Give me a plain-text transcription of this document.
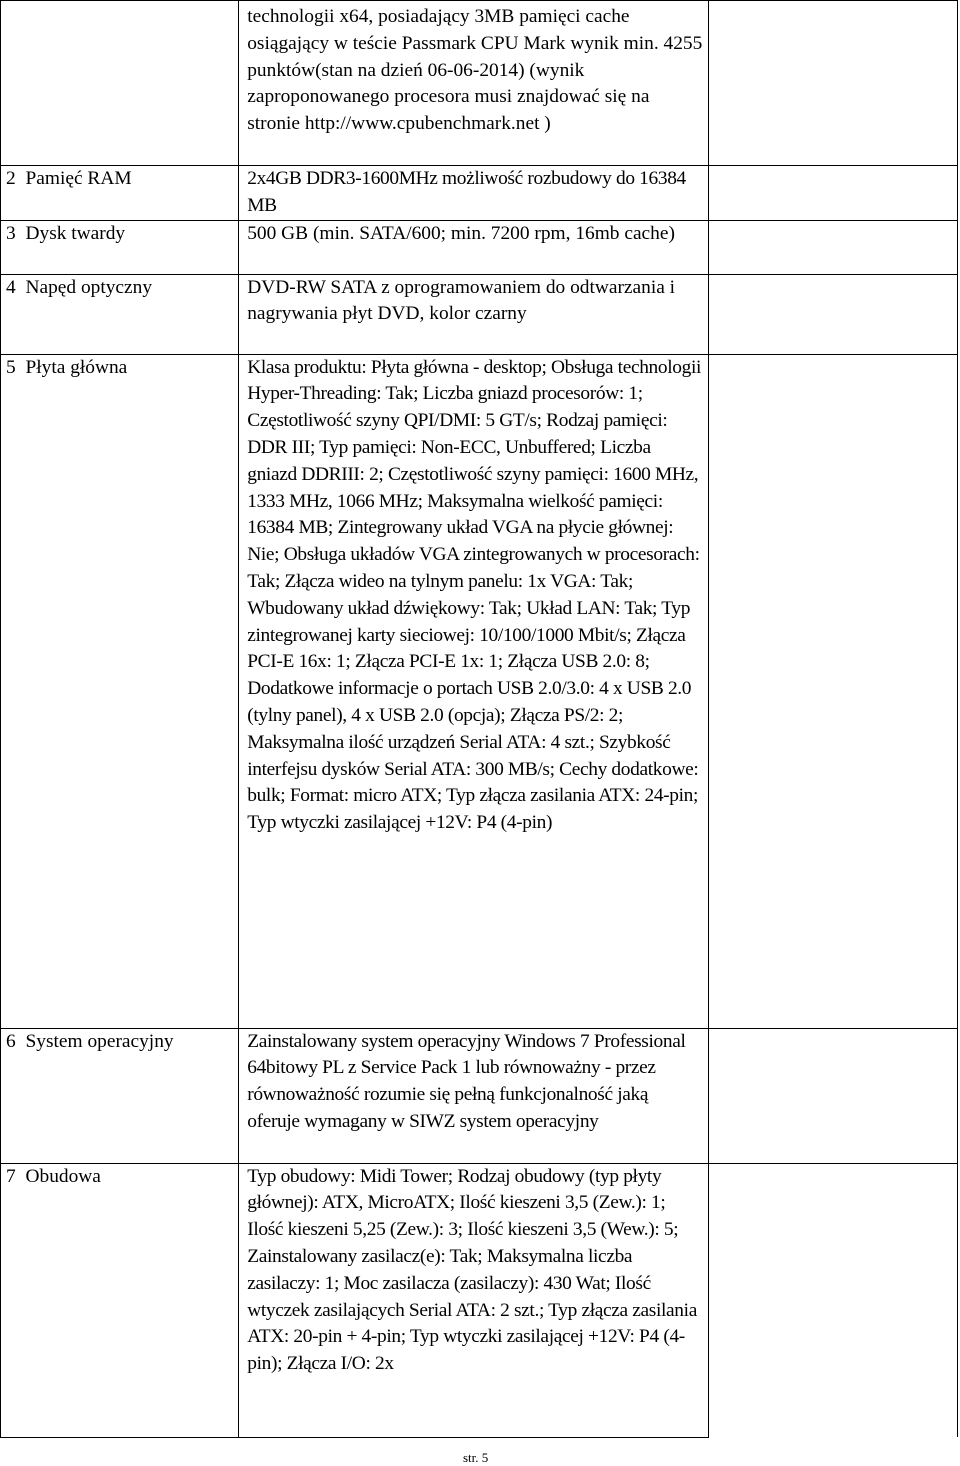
		technologii x64, posiadający 3MB pamięci cache osiągający w teście Passmark CPU Mark wynik min. 4255 punktów(stan na dzień 06-06-2014) (wynik zaproponowanego procesora musi znajdować się na stronie http://www.cpubenchmark.net )	
2	Pamięć RAM	2x4GB DDR3-1600MHz możliwość rozbudowy do 16384 MB	
3	Dysk twardy	500 GB (min. SATA/600; min. 7200 rpm, 16mb cache)	
4	Napęd optyczny	DVD-RW SATA z oprogramowaniem do odtwarzania i nagrywania płyt DVD, kolor czarny	
5	Płyta główna	Klasa produktu: Płyta główna - desktop; Obsługa technologii Hyper-Threading: Tak; Liczba gniazd procesorów: 1; Częstotliwość szyny QPI/DMI: 5 GT/s; Rodzaj pamięci: DDR III; Typ pamięci: Non-ECC, Unbuffered; Liczba gniazd DDRIII: 2; Częstotliwość szyny pamięci: 1600 MHz, 1333 MHz, 1066 MHz; Maksymalna wielkość pamięci: 16384 MB; Zintegrowany układ VGA na płycie głównej: Nie; Obsługa układów VGA zintegrowanych w procesorach: Tak; Złącza wideo na tylnym panelu: 1x VGA: Tak; Wbudowany układ dźwiękowy: Tak; Układ LAN: Tak; Typ zintegrowanej karty sieciowej: 10/100/1000 Mbit/s; Złącza PCI-E 16x: 1; Złącza PCI-E 1x: 1; Złącza USB 2.0: 8; Dodatkowe informacje o portach USB 2.0/3.0: 4 x USB 2.0 (tylny panel), 4 x USB 2.0 (opcja); Złącza PS/2: 2; Maksymalna ilość urządzeń Serial ATA: 4 szt.; Szybkość interfejsu dysków Serial ATA: 300 MB/s; Cechy dodatkowe: bulk; Format: micro ATX; Typ złącza zasilania ATX: 24-pin; Typ wtyczki zasilającej +12V: P4 (4-pin)	
6	System operacyjny	Zainstalowany system operacyjny Windows 7 Professional 64bitowy PL z Service Pack 1 lub równoważny - przez równoważność rozumie się pełną funkcjonalność jaką oferuje wymagany w SIWZ system operacyjny	
7	Obudowa	Typ obudowy: Midi Tower; Rodzaj obudowy (typ płyty głównej): ATX, MicroATX; Ilość kieszeni 3,5 (Zew.): 1; Ilość kieszeni 5,25 (Zew.): 3; Ilość kieszeni 3,5 (Wew.): 5; Zainstalowany zasilacz(e): Tak; Maksymalna liczba zasilaczy: 1; Moc zasilacza (zasilaczy): 430 Wat; Ilość wtyczek zasilających Serial ATA: 2 szt.; Typ złącza zasilania ATX: 20-pin + 4-pin; Typ wtyczki zasilającej +12V: P4 (4-pin); Złącza I/O: 2x	
str. 5
